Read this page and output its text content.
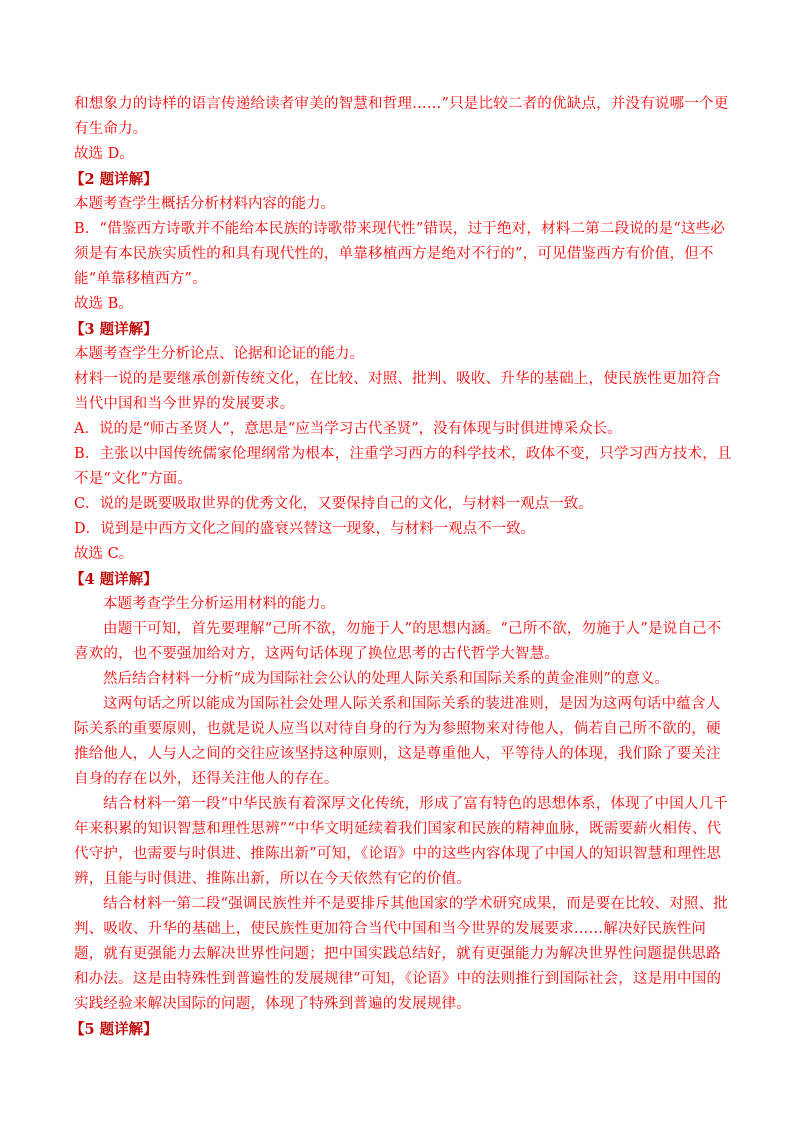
和想象力的诗样的语言传递给读者审美的智慧和哲理……”只是比较二者的优缺点，并没有说哪一个更有生命力。

故选 D。

【2 题详解】

本题考查学生概括分析材料内容的能力。

B．“借鉴西方诗歌并不能给本民族的诗歌带来现代性”错误，过于绝对，材料二第二段说的是“这些必须是有本民族实质性的和具有现代性的，单靠移植西方是绝对不行的”，可见借鉴西方有价值，但不能“单靠移植西方”。

故选 B。

【3 题详解】

本题考查学生分析论点、论据和论证的能力。

材料一说的是要继承创新传统文化，在比较、对照、批判、吸收、升华的基础上，使民族性更加符合当代中国和当今世界的发展要求。

A．说的是“师古圣贤人”，意思是“应当学习古代圣贤”，没有体现与时俱进博采众长。

B．主张以中国传统儒家伦理纲常为根本，注重学习西方的科学技术，政体不变，只学习西方技术，且不是“文化”方面。

C．说的是既要吸取世界的优秀文化，又要保持自己的文化，与材料一观点一致。

D．说到是中西方文化之间的盛衰兴替这一现象，与材料一观点不一致。

故选 C。

【4 题详解】

本题考查学生分析运用材料的能力。

由题干可知，首先要理解“己所不欲，勿施于人”的思想内涵。“己所不欲，勿施于人”是说自己不喜欢的，也不要强加给对方，这两句话体现了换位思考的古代哲学大智慧。

然后结合材料一分析“成为国际社会公认的处理人际关系和国际关系的黄金准则”的意义。

这两句话之所以能成为国际社会处理人际关系和国际关系的装进准则，是因为这两句话中蕴含人际关系的重要原则，也就是说人应当以对待自身的行为为参照物来对待他人，倘若自己所不欲的，硬推给他人，人与人之间的交往应该坚持这种原则，这是尊重他人，平等待人的体现，我们除了要关注自身的存在以外，还得关注他人的存在。

结合材料一第一段“中华民族有着深厚文化传统，形成了富有特色的思想体系，体现了中国人几千年来积累的知识智慧和理性思辨”“中华文明延续着我们国家和民族的精神血脉，既需要薪火相传、代代守护，也需要与时俱进、推陈出新”可知，《论语》中的这些内容体现了中国人的知识智慧和理性思辨，且能与时俱进、推陈出新，所以在今天依然有它的价值。

结合材料一第二段“强调民族性并不是要排斥其他国家的学术研究成果，而是要在比较、对照、批判、吸收、升华的基础上，使民族性更加符合当代中国和当今世界的发展要求……解决好民族性问题，就有更强能力去解决世界性问题；把中国实践总结好，就有更强能力为解决世界性问题提供思路和办法。这是由特殊性到普遍性的发展规律”可知，《论语》中的法则推行到国际社会，这是用中国的实践经验来解决国际的问题，体现了特殊到普遍的发展规律。

【5 题详解】
